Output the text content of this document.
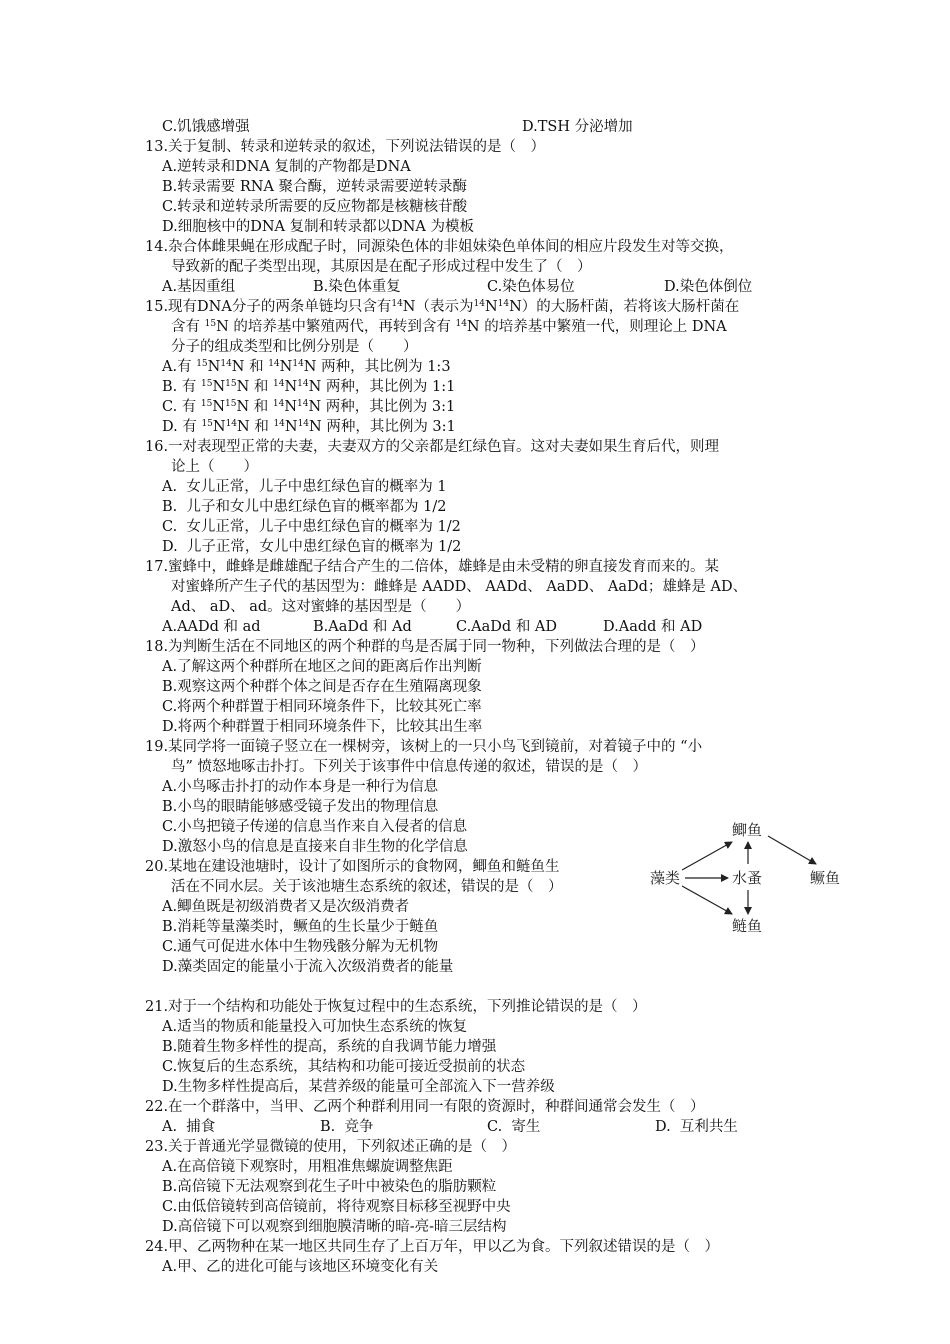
C.饥饿感增强	D.TSH 分泌增加
13.关于复制、转录和逆转录的叙述，下列说法错误的是（　）
A.逆转录和DNA 复制的产物都是DNA
B.转录需要 RNA 聚合酶，逆转录需要逆转录酶
C.转录和逆转录所需要的反应物都是核糖核苷酸
D.细胞核中的DNA 复制和转录都以DNA 为模板
14.杂合体雌果蝇在形成配子时，同源染色体的非姐妹染色单体间的相应片段发生对等交换，
导致新的配子类型出现，其原因是在配子形成过程中发生了（　）
A.基因重组	B.染色体重复	C.染色体易位	D.染色体倒位
15.现有DNA分子的两条单链均只含有$^{14}$N（表示为$^{14}N^{14}N$）的大肠杆菌，若将该大肠杆菌在
含有 $^{15}$N 的培养基中繁殖两代，再转到含有 $^{14}$N 的培养基中繁殖一代，则理论上 DNA
分子的组成类型和比例分别是（　　）
A.有 $^{15}N^{14}N$ 和 $^{14}N^{14}N$ 两种，其比例为 1:3
B. 有 $^{15}N^{15}N$ 和 $^{14}N^{14}N$ 两种，其比例为 1:1
C. 有 $^{15}N^{15}N$ 和 $^{14}N^{14}N$ 两种，其比例为 3:1
D. 有 $^{15}N^{14}N$ 和 $^{14}N^{14}N$ 两种，其比例为 3:1
16.一对表现型正常的夫妻，夫妻双方的父亲都是红绿色盲。这对夫妻如果生育后代，则理
论上（　　）
A.  女儿正常，儿子中患红绿色盲的概率为 1
B.  儿子和女儿中患红绿色盲的概率都为 1/2
C.  女儿正常，儿子中患红绿色盲的概率为 1/2
D.  儿子正常，女儿中患红绿色盲的概率为 1/2
17.蜜蜂中，雌蜂是雌雄配子结合产生的二倍体，雄蜂是由未受精的卵直接发育而来的。某
对蜜蜂所产生子代的基因型为：雌蜂是 AADD、 AADd、 AaDD、 AaDd；雄蜂是 AD、
Ad、 aD、 ad。这对蜜蜂的基因型是（　　）
A.AADd 和 ad	B.AaDd 和 Ad	C.AaDd 和 AD	D.Aadd 和 AD
18.为判断生活在不同地区的两个种群的鸟是否属于同一物种，下列做法合理的是（　）
A.了解这两个种群所在地区之间的距离后作出判断
B.观察这两个种群个体之间是否存在生殖隔离现象
C.将两个种群置于相同环境条件下，比较其死亡率
D.将两个种群置于相同环境条件下，比较其出生率
19.某同学将一面镜子竖立在一棵树旁，该树上的一只小鸟飞到镜前，对着镜子中的 “小
鸟” 愤怒地啄击扑打。下列关于该事件中信息传递的叙述，错误的是（　）
A.小鸟啄击扑打的动作本身是一种行为信息
B.小鸟的眼睛能够感受镜子发出的物理信息
C.小鸟把镜子传递的信息当作来自入侵者的信息
D.激怒小鸟的信息是直接来自非生物的化学信息
20.某地在建设池塘时，设计了如图所示的食物网，鲫鱼和鲢鱼生
活在不同水层。关于该池塘生态系统的叙述，错误的是（　）
A.鲫鱼既是初级消费者又是次级消费者
B.消耗等量藻类时，鳜鱼的生长量少于鲢鱼
C.通气可促进水体中生物残骸分解为无机物
D.藻类固定的能量小于流入次级消费者的能量
藻类	水蚤
鲫鱼
鲢鱼
鳜鱼
21.对于一个结构和功能处于恢复过程中的生态系统，下列推论错误的是（　）
A.适当的物质和能量投入可加快生态系统的恢复
B.随着生物多样性的提高，系统的自我调节能力增强
C.恢复后的生态系统，其结构和功能可接近受损前的状态
D.生物多样性提高后，某营养级的能量可全部流入下一营养级
22.在一个群落中，当甲、乙两个种群利用同一有限的资源时，种群间通常会发生（　）
A.  捕食	B.  竞争	C.  寄生	D.  互利共生
23.关于普通光学显微镜的使用，下列叙述正确的是（　）
A.在高倍镜下观察时，用粗准焦螺旋调整焦距
B.高倍镜下无法观察到花生子叶中被染色的脂肪颗粒
C.由低倍镜转到高倍镜前，将待观察目标移至视野中央
D.高倍镜下可以观察到细胞膜清晰的暗-亮-暗三层结构
24.甲、乙两物种在某一地区共同生存了上百万年，甲以乙为食。下列叙述错误的是（　）
A.甲、乙的进化可能与该地区环境变化有关
